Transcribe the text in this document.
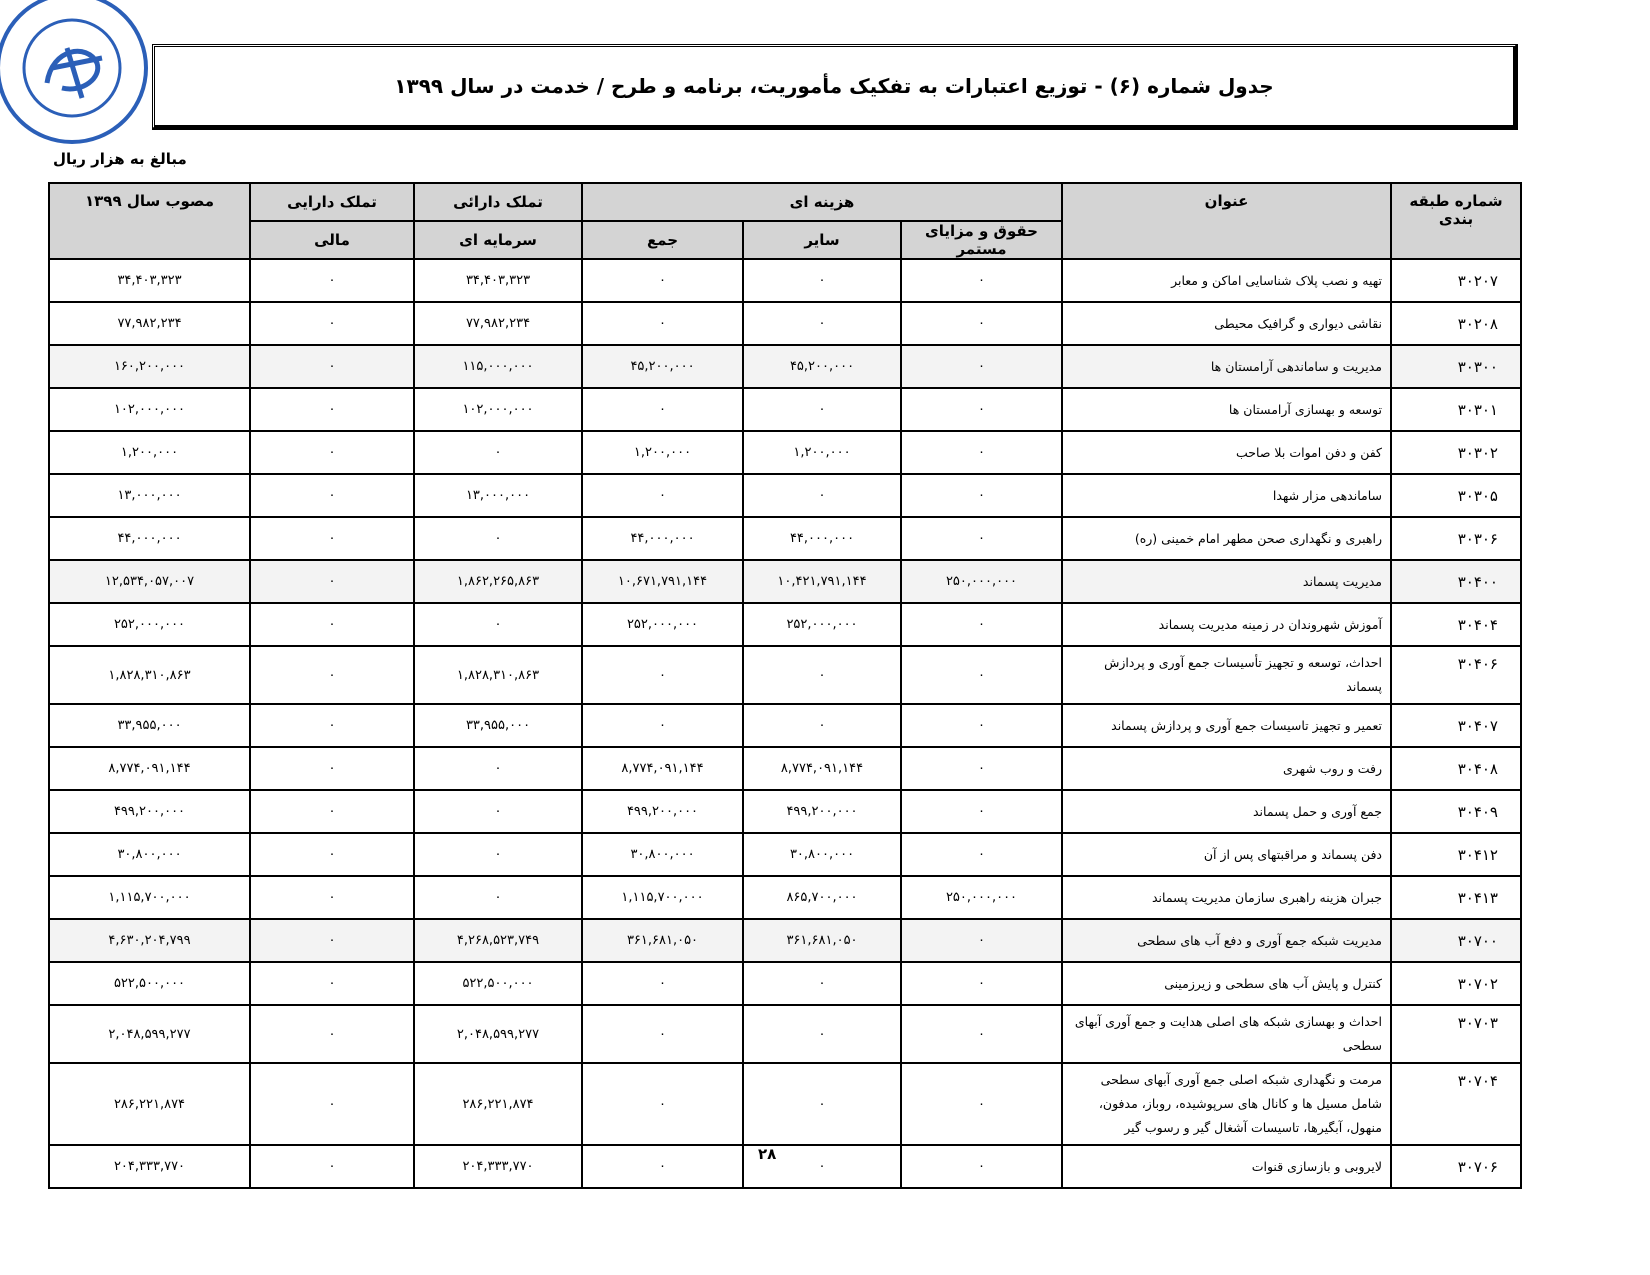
جدول شماره (۶) - توزیع اعتبارات به تفکیک مأموریت، برنامه و طرح / خدمت در سال ۱۳۹۹
مبالغ به هزار ریال
شماره طبقه بندی	عنوان	هزینه ای			تملک دارائی	تملک دارایی	مصوب سال ۱۳۹۹
		حقوق و مزایای مستمر	سایر	جمع	سرمایه ای	مالی	
۳۰۲۰۷	تهیه و نصب پلاک شناسایی اماکن و معابر	۰	۰	۰	۳۴,۴۰۳,۳۲۳	۰	۳۴,۴۰۳,۳۲۳
۳۰۲۰۸	نقاشی دیواری و گرافیک محیطی	۰	۰	۰	۷۷,۹۸۲,۲۳۴	۰	۷۷,۹۸۲,۲۳۴
۳۰۳۰۰	مدیریت و ساماندهی آرامستان ها	۰	۴۵,۲۰۰,۰۰۰	۴۵,۲۰۰,۰۰۰	۱۱۵,۰۰۰,۰۰۰	۰	۱۶۰,۲۰۰,۰۰۰
۳۰۳۰۱	توسعه و بهسازی آرامستان ها	۰	۰	۰	۱۰۲,۰۰۰,۰۰۰	۰	۱۰۲,۰۰۰,۰۰۰
۳۰۳۰۲	کفن و دفن اموات بلا صاحب	۰	۱,۲۰۰,۰۰۰	۱,۲۰۰,۰۰۰	۰	۰	۱,۲۰۰,۰۰۰
۳۰۳۰۵	ساماندهی مزار شهدا	۰	۰	۰	۱۳,۰۰۰,۰۰۰	۰	۱۳,۰۰۰,۰۰۰
۳۰۳۰۶	راهبری و نگهداری صحن مطهر امام خمینی (ره)	۰	۴۴,۰۰۰,۰۰۰	۴۴,۰۰۰,۰۰۰	۰	۰	۴۴,۰۰۰,۰۰۰
۳۰۴۰۰	مدیریت پسماند	۲۵۰,۰۰۰,۰۰۰	۱۰,۴۲۱,۷۹۱,۱۴۴	۱۰,۶۷۱,۷۹۱,۱۴۴	۱,۸۶۲,۲۶۵,۸۶۳	۰	۱۲,۵۳۴,۰۵۷,۰۰۷
۳۰۴۰۴	آموزش شهروندان در زمینه مدیریت پسماند	۰	۲۵۲,۰۰۰,۰۰۰	۲۵۲,۰۰۰,۰۰۰	۰	۰	۲۵۲,۰۰۰,۰۰۰
۳۰۴۰۶	احداث، توسعه و تجهیز تأسیسات جمع آوری و پردازش پسماند	۰	۰	۰	۱,۸۲۸,۳۱۰,۸۶۳	۰	۱,۸۲۸,۳۱۰,۸۶۳
۳۰۴۰۷	تعمیر و تجهیز تاسیسات جمع آوری و پردازش پسماند	۰	۰	۰	۳۳,۹۵۵,۰۰۰	۰	۳۳,۹۵۵,۰۰۰
۳۰۴۰۸	رفت و روب شهری	۰	۸,۷۷۴,۰۹۱,۱۴۴	۸,۷۷۴,۰۹۱,۱۴۴	۰	۰	۸,۷۷۴,۰۹۱,۱۴۴
۳۰۴۰۹	جمع آوری و حمل پسماند	۰	۴۹۹,۲۰۰,۰۰۰	۴۹۹,۲۰۰,۰۰۰	۰	۰	۴۹۹,۲۰۰,۰۰۰
۳۰۴۱۲	دفن پسماند و مراقبتهای پس از آن	۰	۳۰,۸۰۰,۰۰۰	۳۰,۸۰۰,۰۰۰	۰	۰	۳۰,۸۰۰,۰۰۰
۳۰۴۱۳	جبران هزینه راهبری سازمان مدیریت پسماند	۲۵۰,۰۰۰,۰۰۰	۸۶۵,۷۰۰,۰۰۰	۱,۱۱۵,۷۰۰,۰۰۰	۰	۰	۱,۱۱۵,۷۰۰,۰۰۰
۳۰۷۰۰	مدیریت شبکه جمع آوری و دفع آب های سطحی	۰	۳۶۱,۶۸۱,۰۵۰	۳۶۱,۶۸۱,۰۵۰	۴,۲۶۸,۵۲۳,۷۴۹	۰	۴,۶۳۰,۲۰۴,۷۹۹
۳۰۷۰۲	کنترل و پایش آب های سطحی و زیرزمینی	۰	۰	۰	۵۲۲,۵۰۰,۰۰۰	۰	۵۲۲,۵۰۰,۰۰۰
۳۰۷۰۳	احداث و بهسازی شبکه های اصلی هدایت و جمع آوری آبهای سطحی	۰	۰	۰	۲,۰۴۸,۵۹۹,۲۷۷	۰	۲,۰۴۸,۵۹۹,۲۷۷
۳۰۷۰۴	مرمت و نگهداری شبکه اصلی جمع آوری آبهای سطحی شامل مسیل ها و کانال های سرپوشیده، روباز، مدفون، منهول، آبگیرها، تاسیسات آشغال گیر و رسوب گیر	۰	۰	۰	۲۸۶,۲۲۱,۸۷۴	۰	۲۸۶,۲۲۱,۸۷۴
۳۰۷۰۶	لایروبی و بازسازی قنوات	۰	۰	۰	۲۰۴,۳۳۳,۷۷۰	۰	۲۰۴,۳۳۳,۷۷۰
۲۸
